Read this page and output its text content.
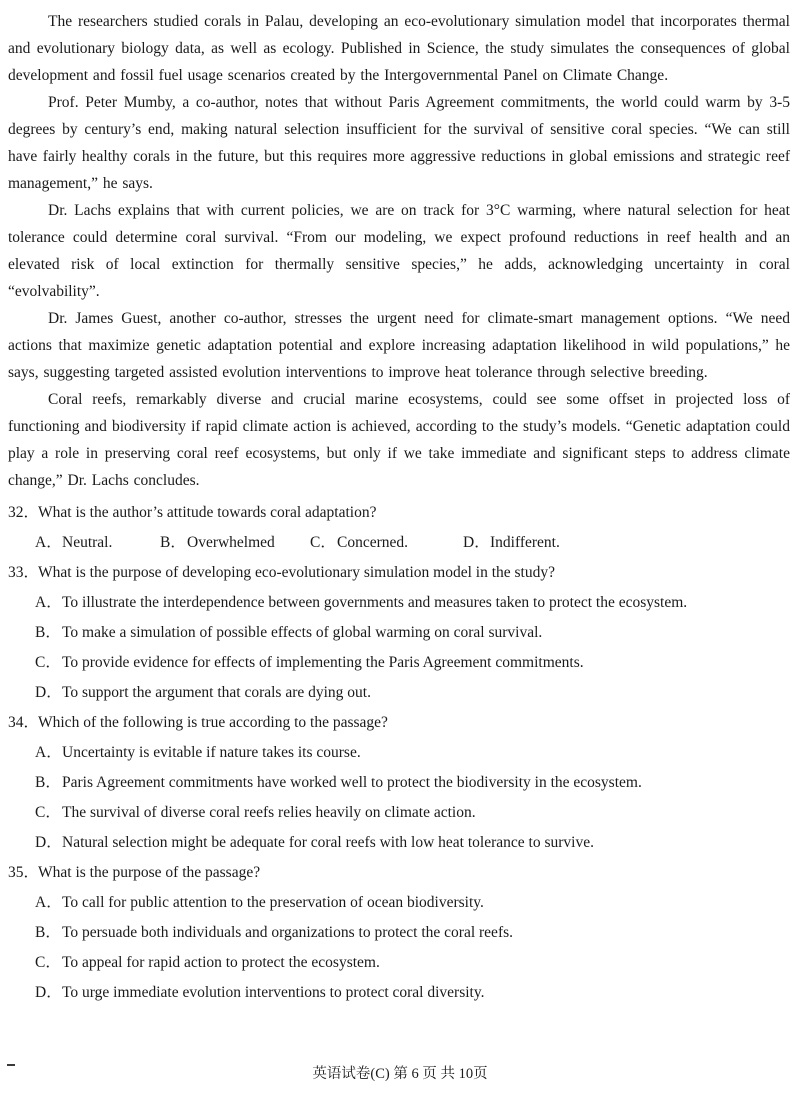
The researchers studied corals in Palau, developing an eco-evolutionary simulation model that incorporates thermal and evolutionary biology data, as well as ecology. Published in Science, the study simulates the consequences of global development and fossil fuel usage scenarios created by the Intergovernmental Panel on Climate Change.

Prof. Peter Mumby, a co-author, notes that without Paris Agreement commitments, the world could warm by 3-5 degrees by century’s end, making natural selection insufficient for the survival of sensitive coral species. “We can still have fairly healthy corals in the future, but this requires more aggressive reductions in global emissions and strategic reef management,” he says.

Dr. Lachs explains that with current policies, we are on track for 3°C warming, where natural selection for heat tolerance could determine coral survival. “From our modeling, we expect profound reductions in reef health and an elevated risk of local extinction for thermally sensitive species,” he adds, acknowledging uncertainty in coral “evolvability”.

Dr. James Guest, another co-author, stresses the urgent need for climate-smart management options. “We need actions that maximize genetic adaptation potential and explore increasing adaptation likelihood in wild populations,” he says, suggesting targeted assisted evolution interventions to improve heat tolerance through selective breeding.

Coral reefs, remarkably diverse and crucial marine ecosystems, could see some offset in projected loss of functioning and biodiversity if rapid climate action is achieved, according to the study’s models. “Genetic adaptation could play a role in preserving coral reef ecosystems, but only if we take immediate and significant steps to address climate change,” Dr. Lachs concludes.

32．
What is the author’s attitude towards coral adaptation?
A．Neutral.	B．Overwhelmed C．Concerned.	D．Indifferent.
33．
What is the purpose of developing eco-evolutionary simulation model in the study?
A．To illustrate the interdependence between governments and measures taken to protect the ecosystem.
B．To make a simulation of possible effects of global warming on coral survival.
C．To provide evidence for effects of implementing the Paris Agreement commitments.
D．To support the argument that corals are dying out.
34．
Which of the following is true according to the passage?
A．Uncertainty is evitable if nature takes its course.
B．Paris Agreement commitments have worked well to protect the biodiversity in the ecosystem.
C．The survival of diverse coral reefs relies heavily on climate action.
D．Natural selection might be adequate for coral reefs with low heat tolerance to survive.
35．
What is the purpose of the passage?
A．To call for public attention to the preservation of ocean biodiversity.
B．To persuade both individuals and organizations to protect the coral reefs.
C．To appeal for rapid action to protect the ecosystem.
D．To urge immediate evolution interventions to protect coral diversity.
英语试卷(C) 第 6 页 共 10页
